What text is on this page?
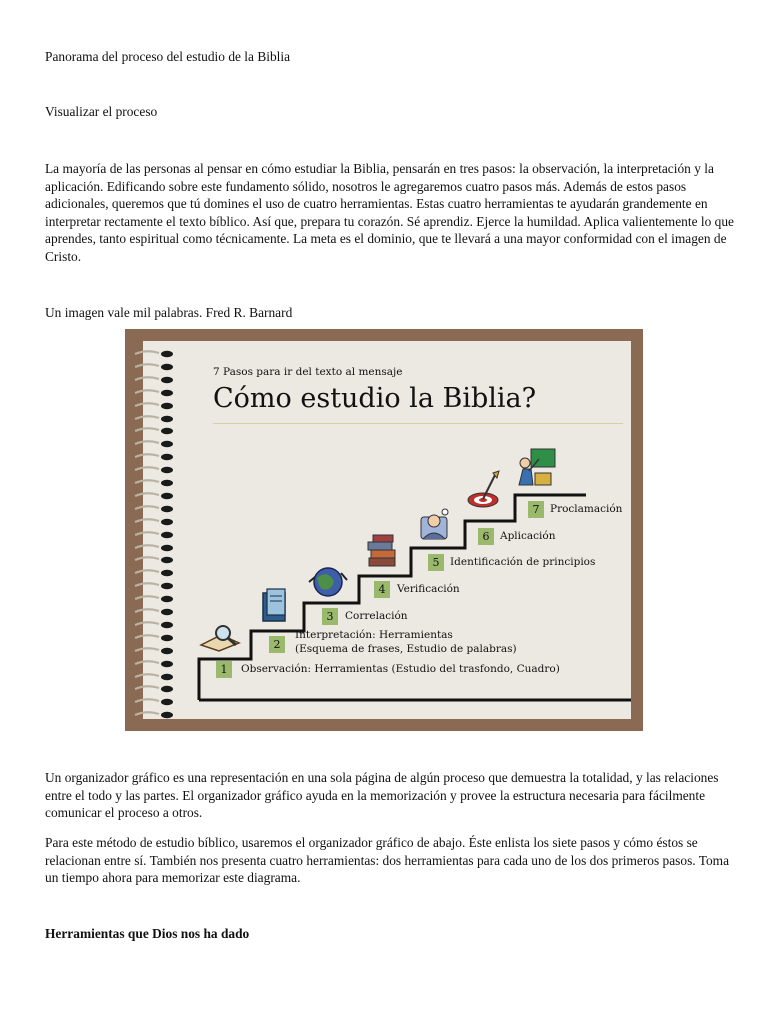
Panorama del proceso del estudio de la Biblia

Visualizar el proceso

La mayoría de las personas al pensar en cómo estudiar la Biblia, pensarán en tres pasos: la observación, la interpretación y la aplicación. Edificando sobre este fundamento sólido, nosotros le agregaremos cuatro pasos más. Además de estos pasos adicionales, queremos que tú domines el uso de cuatro herramientas. Estas cuatro herramientas te ayudarán grandemente en interpretar rectamente el texto bíblico. Así que, prepara tu corazón. Sé aprendiz. Ejerce la humildad. Aplica valientemente lo que aprendes, tanto espiritual como técnicamente. La meta es el dominio, que te llevará a una mayor conformidad con el imagen de Cristo.

Un imagen vale mil palabras. Fred R. Barnard

7 Pasos para ir del texto al mensaje
Cómo estudio la Biblia?
1
2
3
4
5
6
7
Observación: Herramientas (Estudio del trasfondo, Cuadro)
Interpretación: Herramientas
(Esquema de frases, Estudio de palabras)
Correlación
Verificación
Identificación de principios
Aplicación
Proclamación

Un organizador gráfico es una representación en una sola página de algún proceso que demuestra la totalidad, y las relaciones entre el todo y las partes. El organizador gráfico ayuda en la memorización y provee la estructura necesaria para fácilmente comunicar el proceso a otros.

Para este método de estudio bíblico, usaremos el organizador gráfico de abajo. Éste enlista los siete pasos y cómo éstos se relacionan entre sí. También nos presenta cuatro herramientas: dos herramientas para cada uno de los dos primeros pasos. Toma un tiempo ahora para memorizar este diagrama.

Herramientas que Dios nos ha dado
